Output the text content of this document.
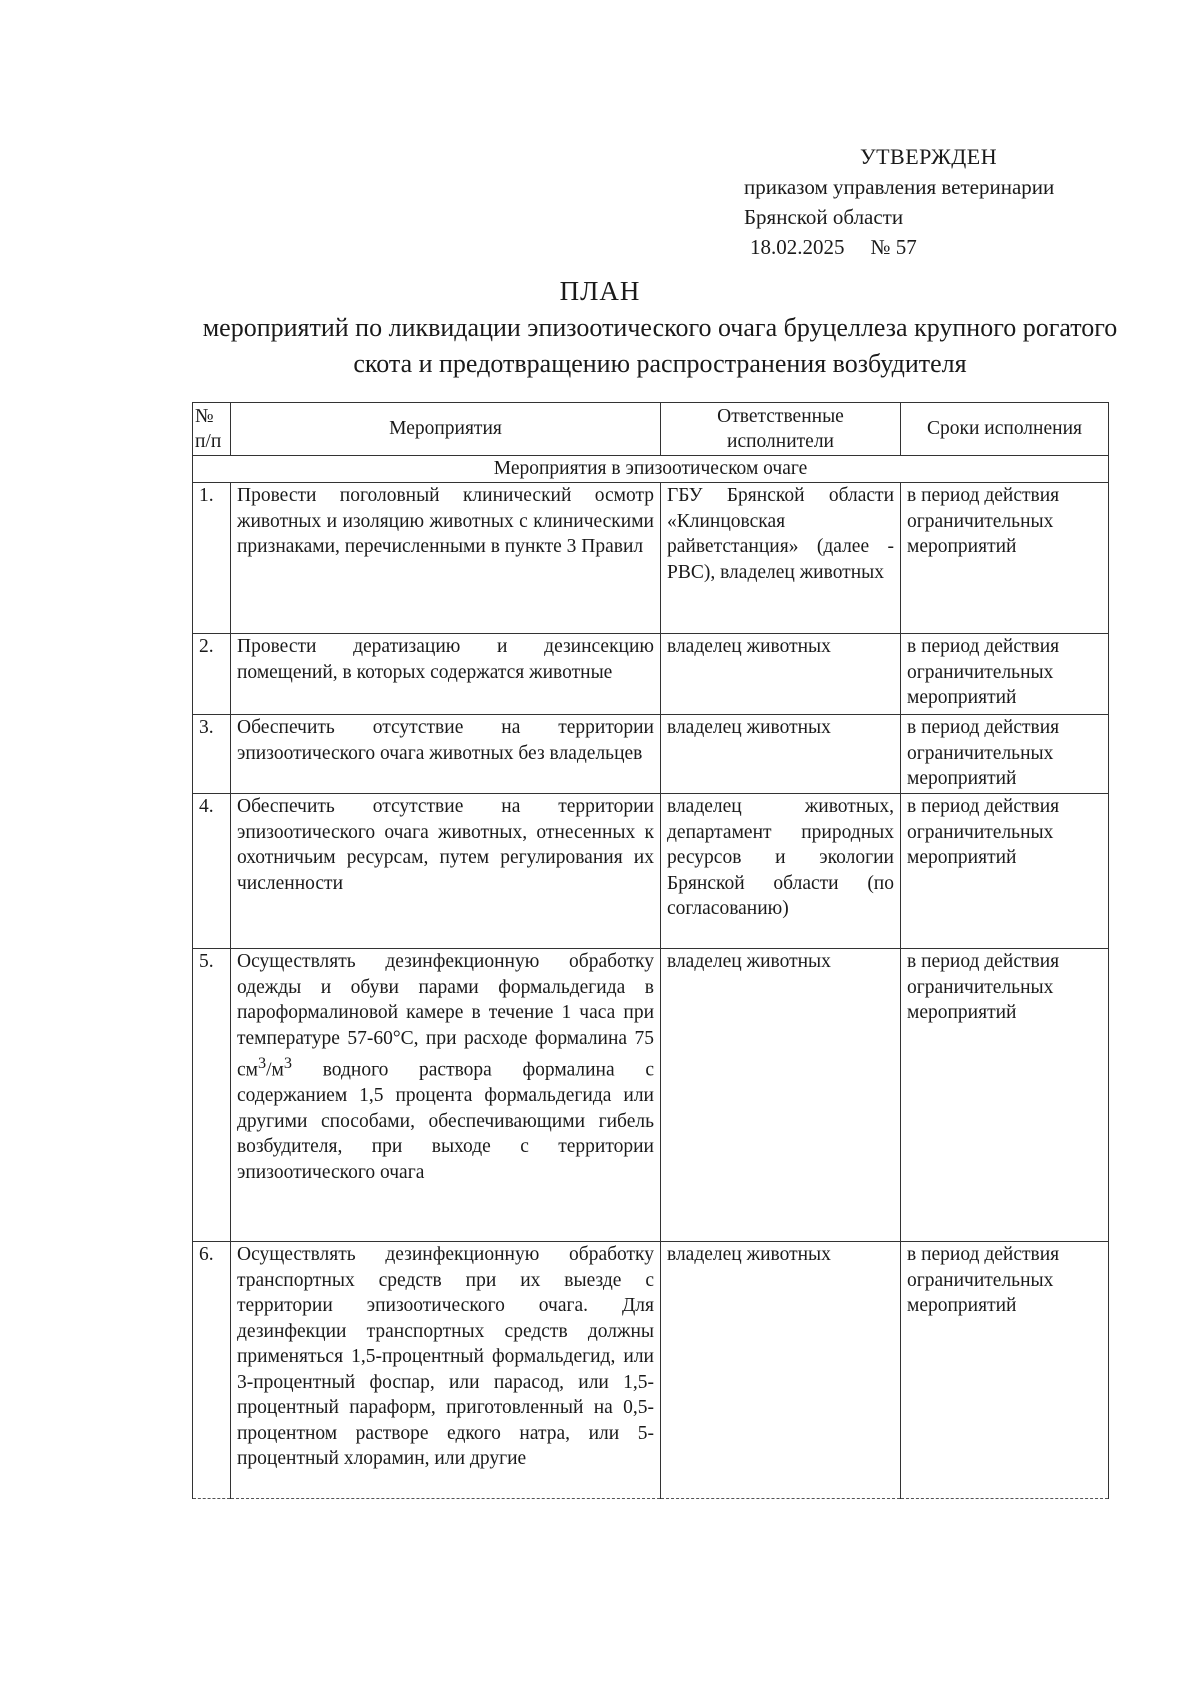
УТВЕРЖДЕН
приказом управления ветеринарии
Брянской области
18.02.2025 № 57
ПЛАН
мероприятий по ликвидации эпизоотического очага бруцеллеза крупного рогатого скота и предотвращению распространения возбудителя
№ п/п	Мероприятия	Ответственные исполнители	Сроки исполнения
Мероприятия в эпизоотическом очаге			
1.	Провести поголовный клинический осмотр животных и изоляцию животных с клиническими признаками, перечисленными в пункте 3 Правил	ГБУ Брянской области «Клинцовская райветстанция» (далее - РВС), владелец животных	в период действия ограничительных мероприятий
2.	Провести дератизацию и дезинсекцию помещений, в которых содержатся животные	владелец животных	в период действия ограничительных мероприятий
3.	Обеспечить отсутствие на территории эпизоотического очага животных без владельцев	владелец животных	в период действия ограничительных мероприятий
4.	Обеспечить отсутствие на территории эпизоотического очага животных, отнесенных к охотничьим ресурсам, путем регулирования их численности	владелец животных, департамент природных ресурсов и экологии Брянской области (по согласованию)	в период действия ограничительных мероприятий
5.	Осуществлять дезинфекционную обработку одежды и обуви парами формальдегида в пароформалиновой камере в течение 1 часа при температуре 57-60°С, при расходе формалина 75 $см^3/м^3$ водного раствора формалина с содержанием 1,5 процента формальдегида или другими способами, обеспечивающими гибель возбудителя, при выходе с территории эпизоотического очага	владелец животных	в период действия ограничительных мероприятий
6.	Осуществлять дезинфекционную обработку транспортных средств при их выезде с территории эпизоотического очага. Для дезинфекции транспортных средств должны применяться 1,5-процентный формальдегид, или 3-процентный фоспар, или парасод, или 1,5-процентный параформ, приготовленный на 0,5-процентном растворе едкого натра, или 5-процентный хлорамин, или другие	владелец животных	в период действия ограничительных мероприятий
